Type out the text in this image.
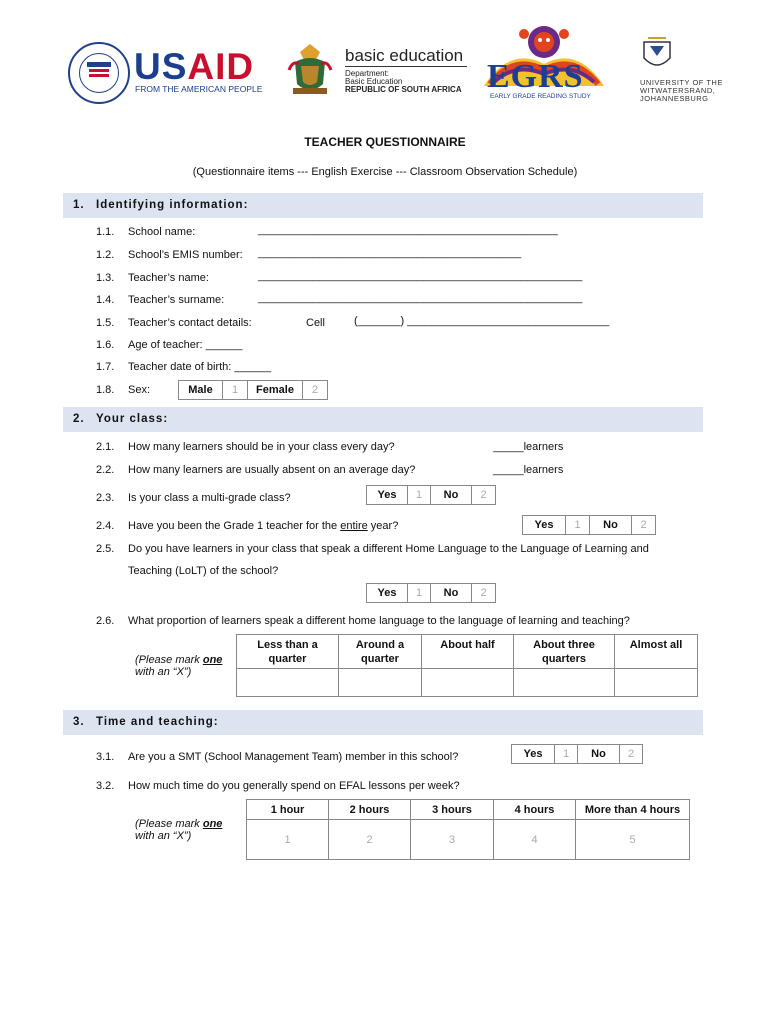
USAID
FROM THE AMERICAN PEOPLE
basic education
Department:
Basic Education
REPUBLIC OF SOUTH AFRICA EGRS
EARLY GRADE READING STUDY
UNIVERSITY OF THE
WITWATERSRAND,
JOHANNESBURG
TEACHER QUESTIONNAIRE
(Questionnaire items --- English Exercise --- Classroom Observation Schedule)
1. Identifying information:
1.1. School name:	_________________________________________________
1.2. School’s EMIS number: ___________________________________________
1.3. Teacher’s name:	_____________________________________________________
1.4. Teacher’s surname:	_____________________________________________________
1.5. Teacher’s contact details:	Cell	(_______) _________________________________
1.6. Age of teacher: ______
1.7. Teacher date of birth: ______
1.8. Sex:	Male	1	Female	2
2. Your class:
2.1. How many learners should be in your class every day?	_____learners
2.2. How many learners are usually absent on an average day?	_____learners
2.3. Is your class a multi-grade class?	Yes	1	No	2
2.4. Have you been the Grade 1 teacher for the entire year?	Yes	1	No	2
2.5. Do you have learners in your class that speak a different Home Language to the Language of Learning and
Teaching (LoLT) of the school?
Yes	1	No	2
2.6. What proportion of learners speak a different home language to the language of learning and teaching?
(Please mark one
with an “X”)	Less than a quarter	Around a quarter	About half	About three quarters	Almost all

3. Time and teaching:
3.1. Are you a SMT (School Management Team) member in this school?	Yes	1	No	2
3.2. How much time do you generally spend on EFAL lessons per week?
(Please mark one
with an “X”)	1 hour	2 hours	3 hours	4 hours	More than 4 hours
	1	2	3	4	5
